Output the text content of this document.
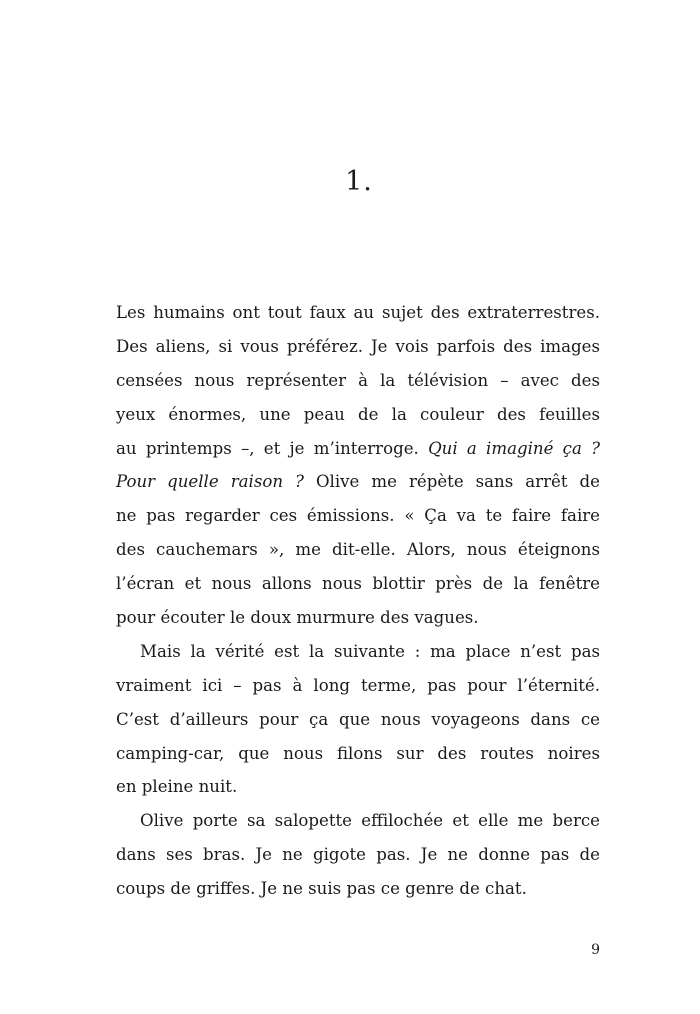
1.
Les humains ont tout faux au sujet des extraterrestres.
Des aliens, si vous préférez. Je vois parfois des images
censées nous représenter à la télévision – avec des
yeux énormes, une peau de la couleur des feuilles
au printemps –, et je m’interroge. Qui a imaginé ça ?
Pour quelle raison ? Olive me répète sans arrêt de
ne pas regarder ces émissions. « Ça va te faire faire
des cauchemars », me dit-elle. Alors, nous éteignons
l’écran et nous allons nous blottir près de la fenêtre
pour écouter le doux murmure des vagues.
Mais la vérité est la suivante : ma place n’est pas
vraiment ici – pas à long terme, pas pour l’éternité.
C’est d’ailleurs pour ça que nous voyageons dans ce
camping-car, que nous filons sur des routes noires
en pleine nuit.
Olive porte sa salopette effilochée et elle me berce
dans ses bras. Je ne gigote pas. Je ne donne pas de
coups de griffes. Je ne suis pas ce genre de chat.
9
